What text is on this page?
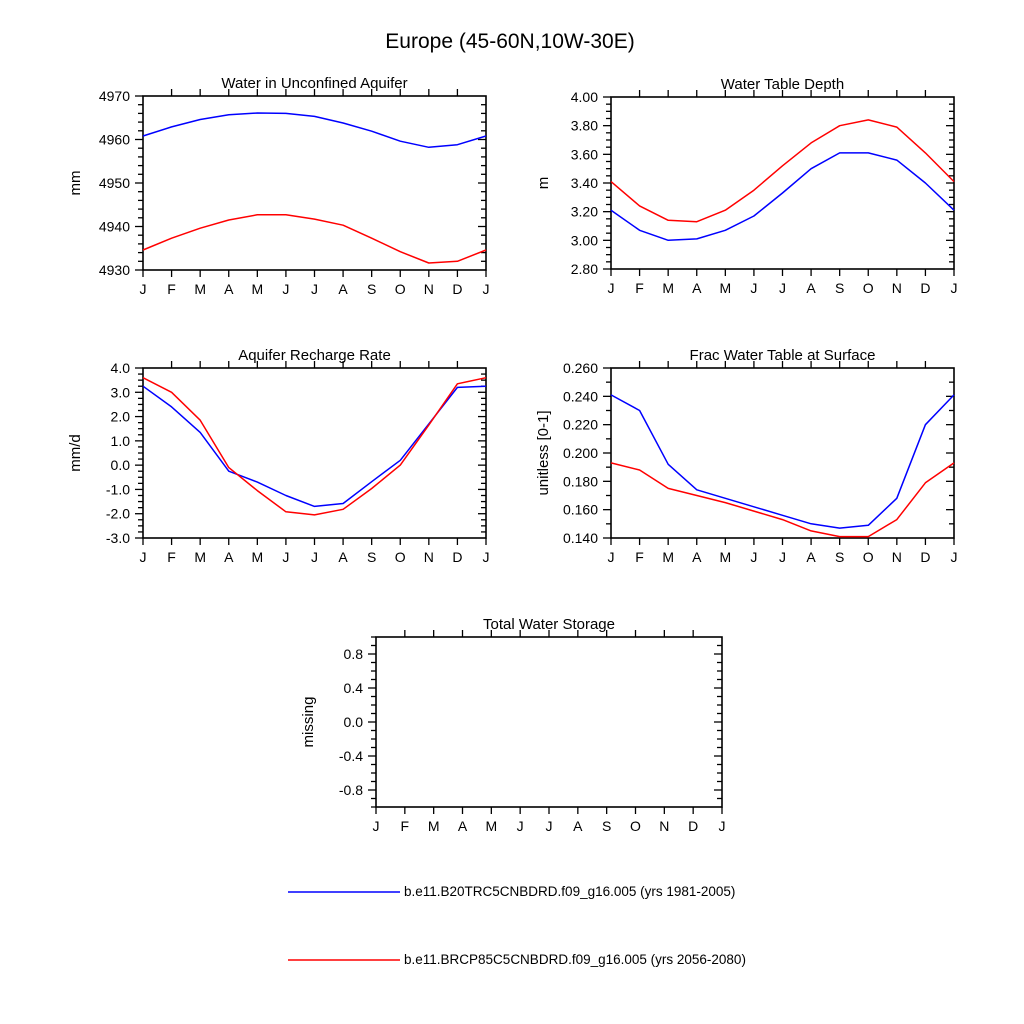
Europe (45-60N,10W-30E)
Water in Unconfined Aquifer
mm
4930
4940
4950
4960
4970
J F M A M J J A S O N D J
Water Table Depth
m
2.80
3.00
3.20
3.40
3.60
3.80
4.00
J F M A M J J A S O N D J
Aquifer Recharge Rate
mm/d
-3.0
-2.0
-1.0
0.0
1.0
2.0
3.0
4.0
J F M A M J J A S O N D J
Frac Water Table at Surface
unitless [0-1]
0.140
0.160
0.180
0.200
0.220
0.240
0.260
J F M A M J J A S O N D J
Total Water Storage
missing
-0.8
-0.4
0.0
0.4
0.8
J F M A M J J A S O N D J
b.e11.B20TRC5CNBDRD.f09_g16.005 (yrs 1981-2005)
b.e11.BRCP85C5CNBDRD.f09_g16.005 (yrs 2056-2080)
